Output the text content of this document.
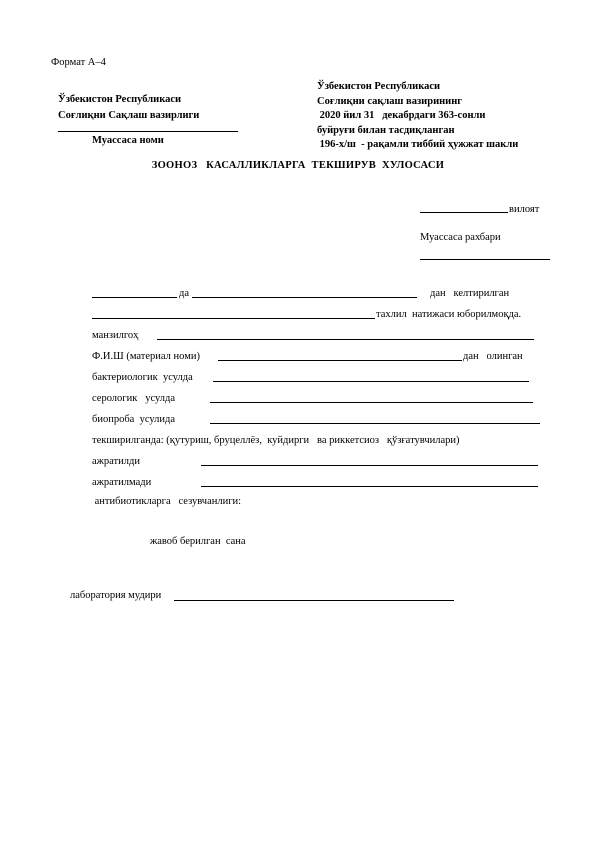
Формат А–4
Ўзбекистон Республикаси
Соғлиқни Сақлаш вазирлиги
Муассаса номи
Ўзбекистон Республикаси
Соғлиқни сақлаш вазирининг
2020 йил 31   декабрдаги 363-сонли
буйруғи билан тасдиқланган
196-х/ш  - рақамли тиббий ҳужжат шакли
ЗООНОЗ   КАСАЛЛИКЛАРГА  ТЕКШИРУВ  ХУЛОСАСИ
вилоят
Муассаса рахбари
да	дан   келтирилган
тахлил  натижаси юборилмоқда.
манзилгоҳ
Ф.И.Ш (материал номи)	дан   олинган
бактериологик  усулда
серологик   усулда
биопроба  усулида
текширилганда: (қутуриш, бруцеллёз,  куйдирги   ва риккетсиоз   қўзғатувчилари)
ажратилди
ажратилмади
антибиотикларга   сезувчанлиги:
жавоб берилган  сана
лаборатория мудири
